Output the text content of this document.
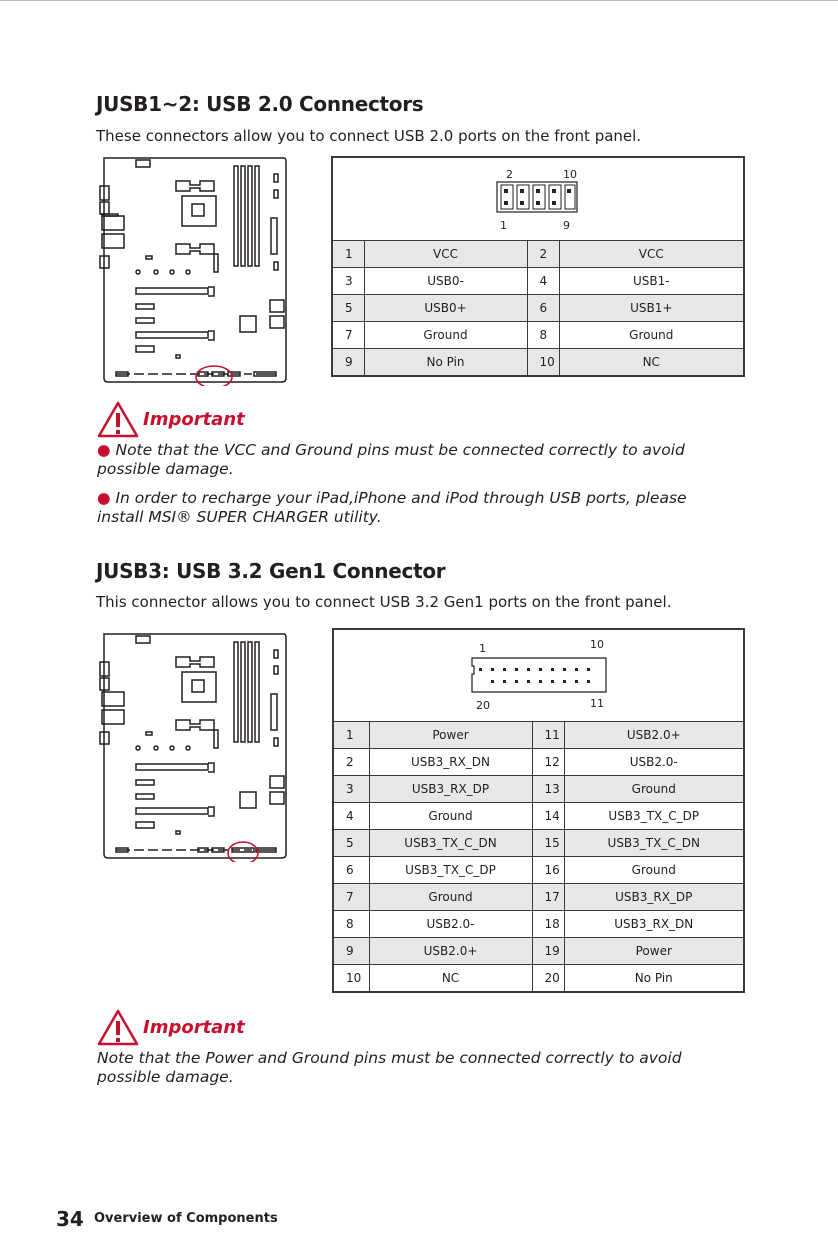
JUSB1~2: USB 2.0 Connectors
These connectors allow you to connect USB 2.0 ports on the front panel.
2	10
1	9
1	VCC	2	VCC
3	USB0-	4	USB1-
5	USB0+	6	USB1+
7	Ground	8	Ground
9	No Pin	10	NC
Important
● Note that the VCC and Ground pins must be connected correctly to avoid possible damage.
● In order to recharge your iPad,iPhone and iPod through USB ports, please install MSI® SUPER CHARGER utility.
JUSB3: USB 3.2 Gen1 Connector
This connector allows you to connect USB 3.2 Gen1 ports on the front panel.
1	10
20	11
1	Power	11	USB2.0+
2	USB3_RX_DN	12	USB2.0-
3	USB3_RX_DP	13	Ground
4	Ground	14	USB3_TX_C_DP
5	USB3_TX_C_DN	15	USB3_TX_C_DN
6	USB3_TX_C_DP	16	Ground
7	Ground	17	USB3_RX_DP
8	USB2.0-	18	USB3_RX_DN
9	USB2.0+	19	Power
10	NC	20	No Pin
Important
Note that the Power and Ground pins must be connected correctly to avoid possible damage.
34 Overview of Components
